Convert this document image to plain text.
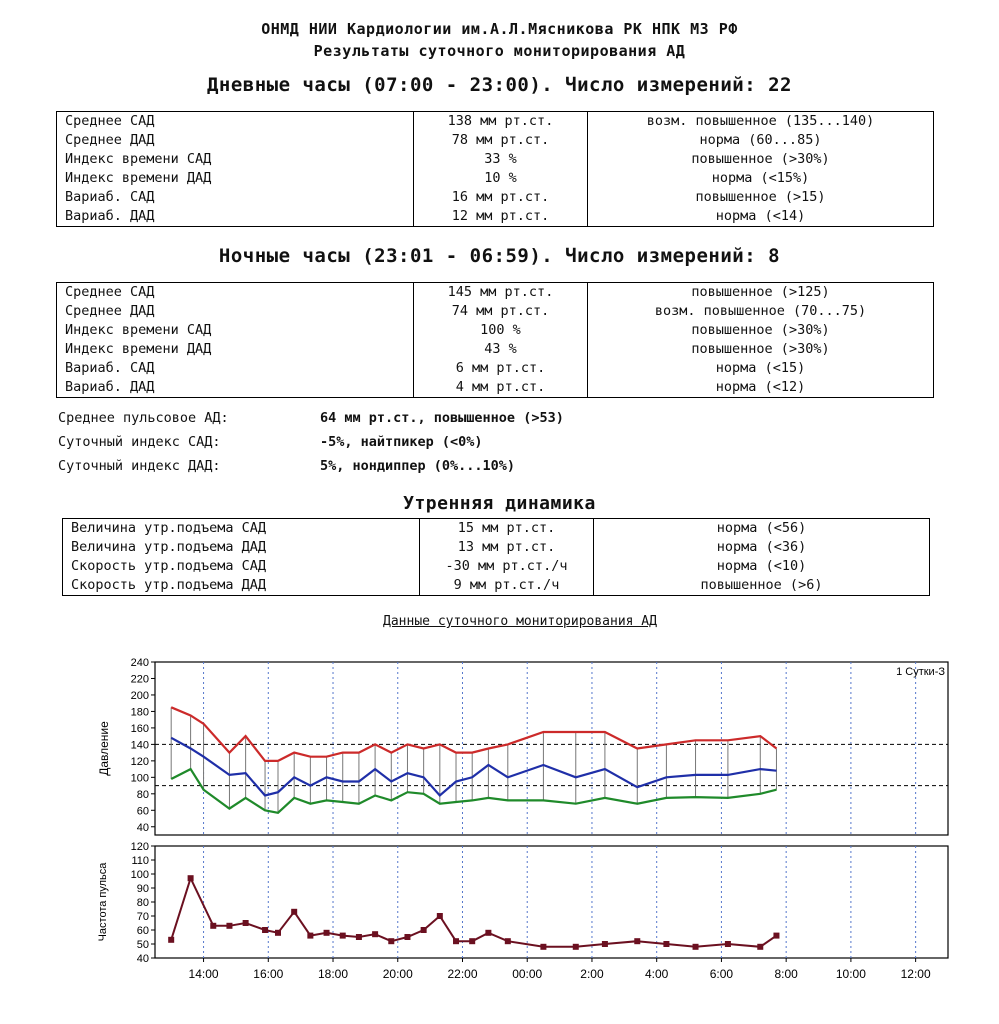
ОНМД НИИ Кардиологии им.А.Л.Мясникова РК НПК МЗ РФ
Результаты суточного мониторирования АД
Дневные часы (07:00 - 23:00). Число измерений: 22
Среднее САД	138 мм рт.ст.	возм. повышенное (135...140)
Среднее ДАД	78 мм рт.ст.	норма (60...85)
Индекс времени САД	33 %	повышенное (>30%)
Индекс времени ДАД	10 %	норма (<15%)
Вариаб. САД	16 мм рт.ст.	повышенное (>15)
Вариаб. ДАД	12 мм рт.ст.	норма (<14)
Ночные часы (23:01 - 06:59). Число измерений: 8
Среднее САД	145 мм рт.ст.	повышенное (>125)
Среднее ДАД	74 мм рт.ст.	возм. повышенное (70...75)
Индекс времени САД	100 %	повышенное (>30%)
Индекс времени ДАД	43 %	повышенное (>30%)
Вариаб. САД	6 мм рт.ст.	норма (<15)
Вариаб. ДАД	4 мм рт.ст.	норма (<12)
Среднее пульсовое АД:	64 мм рт.ст., повышенное (>53)
Суточный индекс САД:	-5%, найтпикер (<0%)
Суточный индекс ДАД:	5%, нондиппер (0%...10%)
Утренняя динамика
Величина утр.подъема САД	15 мм рт.ст.	норма (<56)
Величина утр.подъема ДАД	13 мм рт.ст.	норма (<36)
Скорость утр.подъема САД	-30 мм рт.ст./ч	норма (<10)
Скорость утр.подъема ДАД	9 мм рт.ст./ч	повышенное (>6)
Данные суточного мониторирования АД
40
60
80
100
120
140
160
180
200
220
240
40
50
60
70
80
90
100
110
120
Давление
Частота пульса
1 Сутки-З
14:00	16:00	18:00	20:00	22:00	00:00	2:00	4:00	6:00	8:00	10:00	12:00
